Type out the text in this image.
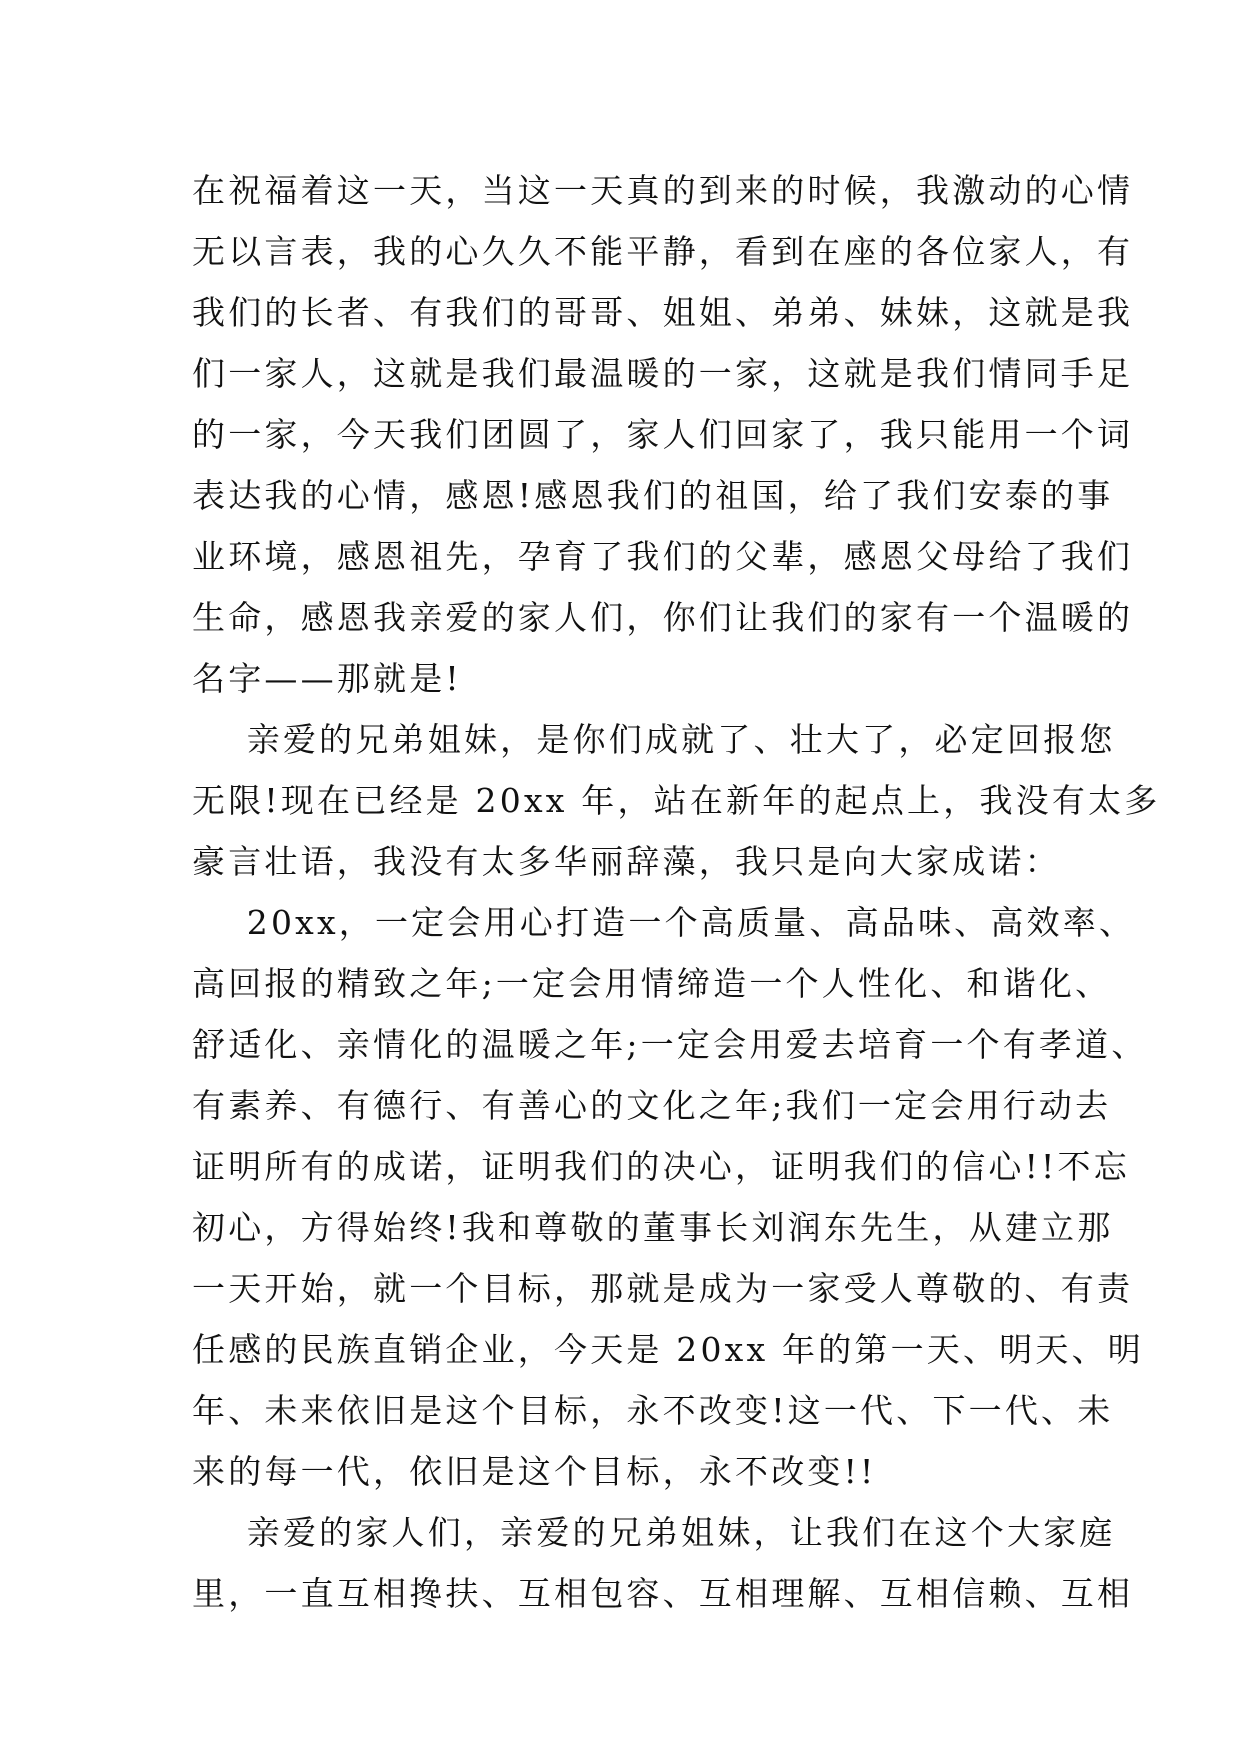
在祝福着这一天，当这一天真的到来的时候，我激动的心情
无以言表，我的心久久不能平静，看到在座的各位家人，有
我们的长者、有我们的哥哥、姐姐、弟弟、妹妹，这就是我
们一家人，这就是我们最温暖的一家，这就是我们情同手足
的一家，今天我们团圆了，家人们回家了，我只能用一个词
表达我的心情，感恩!感恩我们的祖国，给了我们安泰的事
业环境，感恩祖先，孕育了我们的父辈，感恩父母给了我们
生命，感恩我亲爱的家人们，你们让我们的家有一个温暖的
名字——那就是!
亲爱的兄弟姐妹，是你们成就了、壮大了，必定回报您
无限!现在已经是 20xx 年，站在新年的起点上，我没有太多
豪言壮语，我没有太多华丽辞藻，我只是向大家成诺：
20xx，一定会用心打造一个高质量、高品味、高效率、
高回报的精致之年;一定会用情缔造一个人性化、和谐化、
舒适化、亲情化的温暖之年;一定会用爱去培育一个有孝道、
有素养、有德行、有善心的文化之年;我们一定会用行动去
证明所有的成诺，证明我们的决心，证明我们的信心!!不忘
初心，方得始终!我和尊敬的董事长刘润东先生，从建立那
一天开始，就一个目标，那就是成为一家受人尊敬的、有责
任感的民族直销企业，今天是 20xx 年的第一天、明天、明
年、未来依旧是这个目标，永不改变!这一代、下一代、未
来的每一代，依旧是这个目标，永不改变!!
亲爱的家人们，亲爱的兄弟姐妹，让我们在这个大家庭
里，一直互相搀扶、互相包容、互相理解、互相信赖、互相
